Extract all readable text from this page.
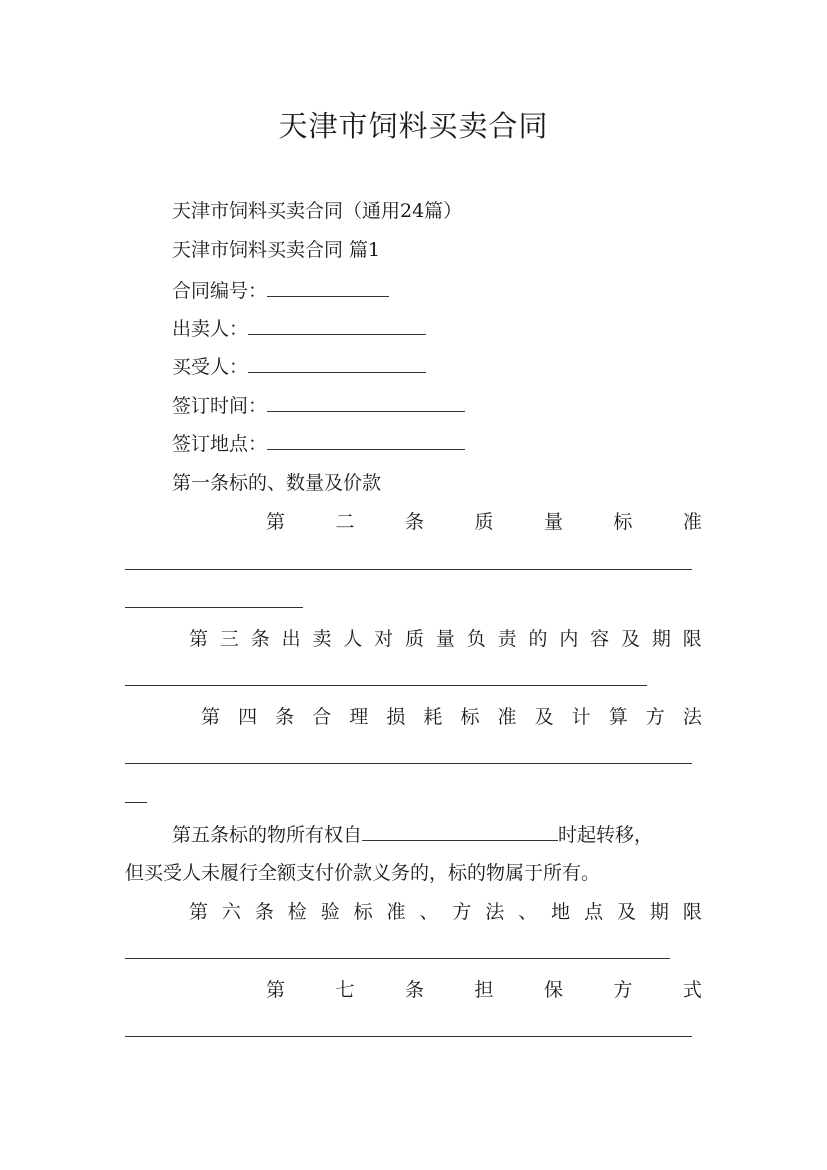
天津市饲料买卖合同
天津市饲料买卖合同（通用24篇）
天津市饲料买卖合同 篇1
合同编号：
出卖人：
买受人：
签订时间：
签订地点：
第一条标的、数量及价款
第	二	条	质	量	标	准
第 三 条 出 卖 人 对 质 量 负 责 的 内 容 及 期 限
第 四 条 合 理 损 耗 标 准 及 计 算 方 法
第五条标的物所有权自	时起转移，
但买受人未履行全额支付价款义务的，标的物属于所有。
第 六 条 检 验 标 准 、 方 法 、 地 点 及 期 限
第	七	条	担	保	方	式
